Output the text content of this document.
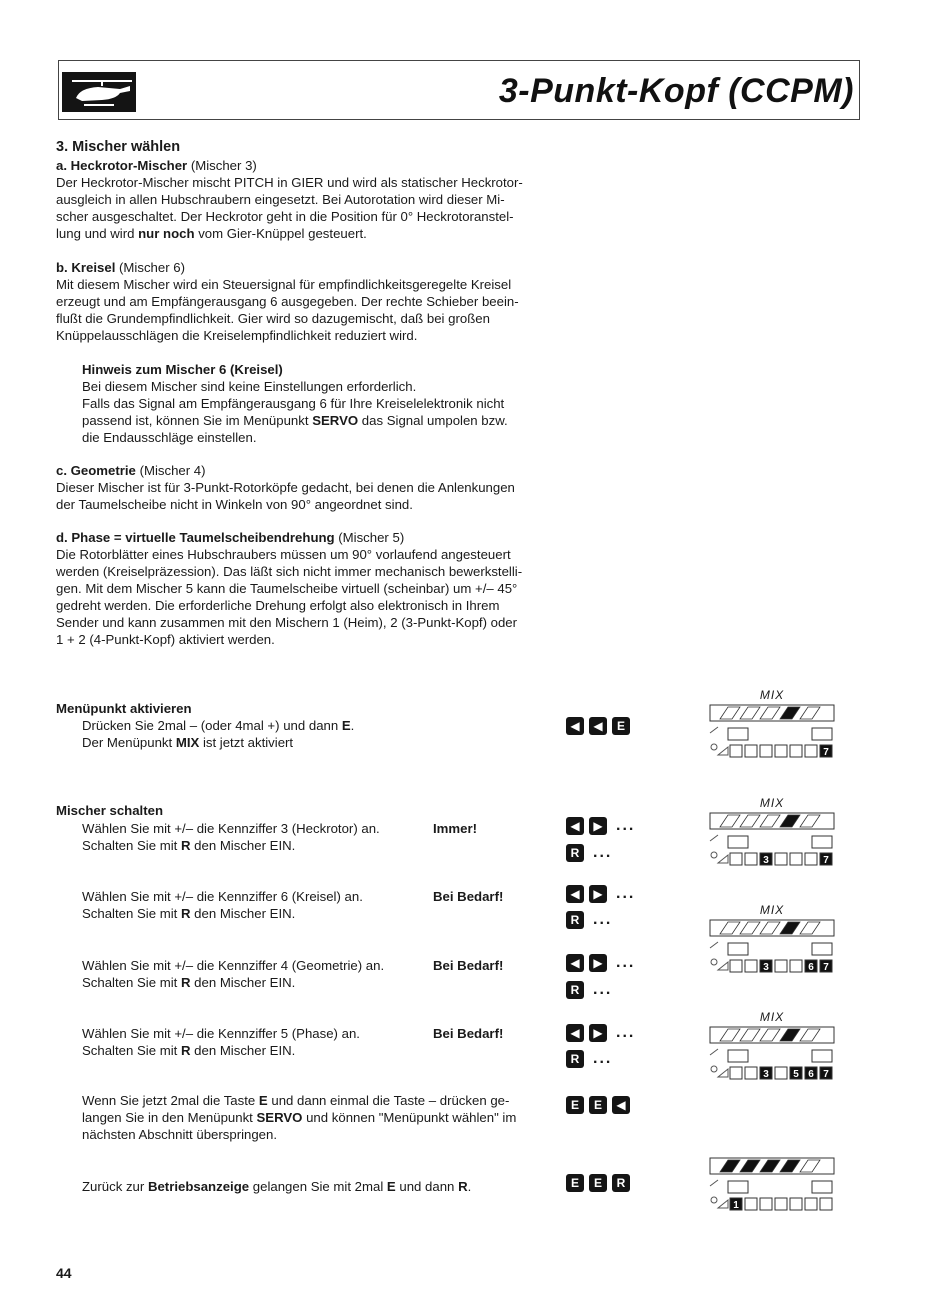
3-Punkt-Kopf (CCPM)
3. Mischer wählen

a. Heckrotor-Mischer (Mischer 3)

Der Heckrotor-Mischer mischt PITCH in GIER und wird als statischer Heckrotor-

ausgleich in allen Hubschraubern eingesetzt. Bei Autorotation wird dieser Mi-

scher ausgeschaltet. Der Heckrotor geht in die Position für 0° Heckrotoranstel-

lung und wird nur noch vom Gier-Knüppel gesteuert.

b. Kreisel (Mischer 6)

Mit diesem Mischer wird ein Steuersignal für empfindlichkeitsgeregelte Kreisel

erzeugt und am Empfängerausgang 6 ausgegeben. Der rechte Schieber beein-

flußt die Grundempfindlichkeit. Gier wird so dazugemischt, daß bei großen

Knüppelausschlägen die Kreiselempfindlichkeit reduziert wird.

Hinweis zum Mischer 6 (Kreisel)

Bei diesem Mischer sind keine Einstellungen erforderlich.

Falls das Signal am Empfängerausgang 6 für Ihre Kreiselelektronik nicht

passend ist, können Sie im Menüpunkt SERVO das Signal umpolen bzw.

die Endausschläge einstellen.

c. Geometrie (Mischer 4)

Dieser Mischer ist für 3-Punkt-Rotorköpfe gedacht, bei denen die Anlenkungen

der Taumelscheibe nicht in Winkeln von 90° angeordnet sind.

d. Phase = virtuelle Taumelscheibendrehung (Mischer 5)

Die Rotorblätter eines Hubschraubers müssen um 90° vorlaufend angesteuert

werden (Kreiselpräzession). Das läßt sich nicht immer mechanisch bewerkstelli-

gen. Mit dem Mischer 5 kann die Taumelscheibe virtuell (scheinbar) um +/– 45°

gedreht werden. Die erforderliche Drehung erfolgt also elektronisch in Ihrem

Sender und kann zusammen mit den Mischern 1 (Heim), 2 (3-Punkt-Kopf) oder

1 + 2 (4-Punkt-Kopf) aktiviert werden.

Menüpunkt aktivieren

Drücken Sie 2mal – (oder 4mal +) und dann E.

Der Menüpunkt MIX ist jetzt aktiviert

◀	◀	E
Mischer schalten

Wählen Sie mit +/– die Kennziffer 3 (Heckrotor) an.

Schalten Sie mit R den Mischer EIN.

Immer!	◀	▶ ...
R ...

Wählen Sie mit +/– die Kennziffer 6 (Kreisel) an.

Schalten Sie mit R den Mischer EIN.

Bei Bedarf!	◀	▶ ...
R ...

Wählen Sie mit +/– die Kennziffer 4 (Geometrie) an.

Schalten Sie mit R den Mischer EIN.

Bei Bedarf!	◀	▶ ...
R ...

Wählen Sie mit +/– die Kennziffer 5 (Phase) an.

Schalten Sie mit R den Mischer EIN.

Bei Bedarf!	◀	▶ ...
R ...

Wenn Sie jetzt 2mal die Taste E und dann einmal die Taste – drücken ge-

langen Sie in den Menüpunkt SERVO und können "Menüpunkt wählen" im

nächsten Abschnitt überspringen.

E	E	◀

Zurück zur Betriebsanzeige gelangen Sie mit 2mal E und dann R.	E	E	R
MIX
7
MIX
3	7
MIX
3	6 7
MIX
3 5 6 7
1
44
